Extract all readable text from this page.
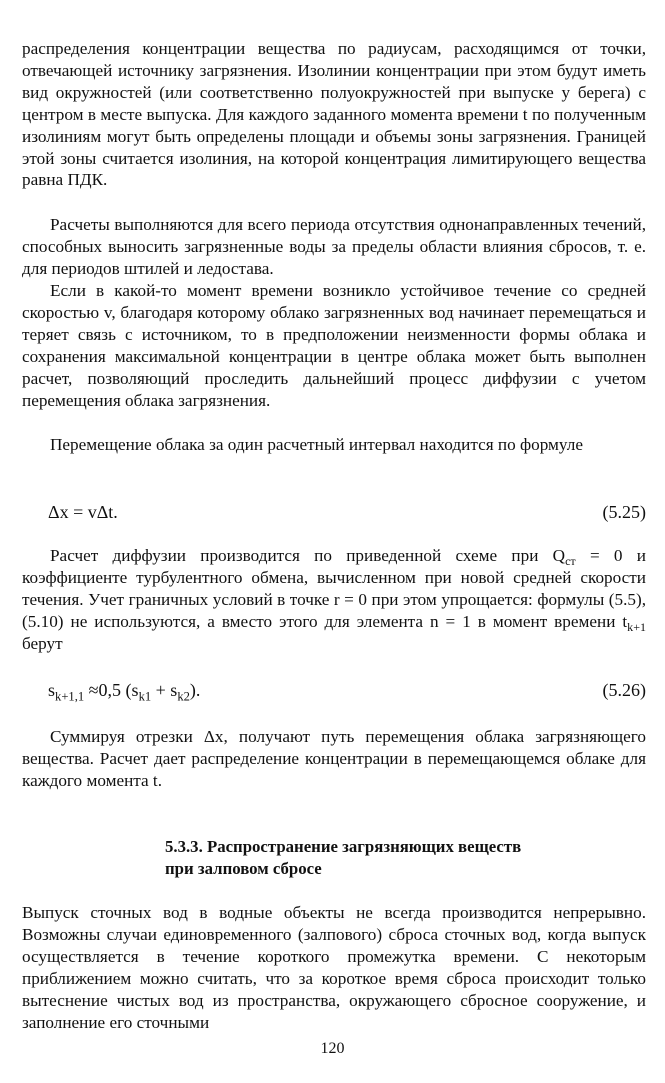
распределения концентрации вещества по радиусам, расходящимся от точки, отвечающей источнику загрязнения. Изолинии концентрации при этом будут иметь вид окружностей (или соответственно полуокружностей при выпуске у берега) с центром в месте выпуска. Для каждого заданного момента времени t по полученным изолиниям могут быть определены площади и объемы зоны загрязнения. Границей этой зоны считается изолиния, на которой концентрация лимитирующего вещества равна ПДК.

Расчеты выполняются для всего периода отсутствия однонаправленных течений, способных выносить загрязненные воды за пределы области влияния сбросов, т. е. для периодов штилей и ледостава.

Если в какой-то момент времени возникло устойчивое течение со средней скоростью v, благодаря которому облако загрязненных вод начинает перемещаться и теряет связь с источником, то в предположении неизменности формы облака и сохранения максимальной концентрации в центре облака может быть выполнен расчет, позволяющий проследить дальнейший процесс диффузии с учетом перемещения облака загрязнения.

Перемещение облака за один расчетный интервал находится по формуле

Δx = vΔt.	(5.25)

Расчет диффузии производится по приведенной схеме при $Q_{ст} = 0$ и коэффициенте турбулентного обмена, вычисленном при новой средней скорости течения. Учет граничных условий в точке r = 0 при этом упрощается: формулы (5.5), (5.10) не используются, а вместо этого для элемента n = 1 в момент времени $t_{k+1}$ берут

$s_{k+1,1} \approx 0,5$ $(s_{k1} + s_{k2})$.	(5.26)

Суммируя отрезки Δx, получают путь перемещения облака загрязняющего вещества. Расчет дает распределение концентрации в перемещающемся облаке для каждого момента t.

5.3.3. Распространение загрязняющих веществ
при залповом сбросе

Выпуск сточных вод в водные объекты не всегда производится непрерывно. Возможны случаи единовременного (залпового) сброса сточных вод, когда выпуск осуществляется в течение короткого промежутка времени. С некоторым приближением можно считать, что за короткое время сброса происходит только вытеснение чистых вод из пространства, окружающего сбросное сооружение, и заполнение его сточными

120
